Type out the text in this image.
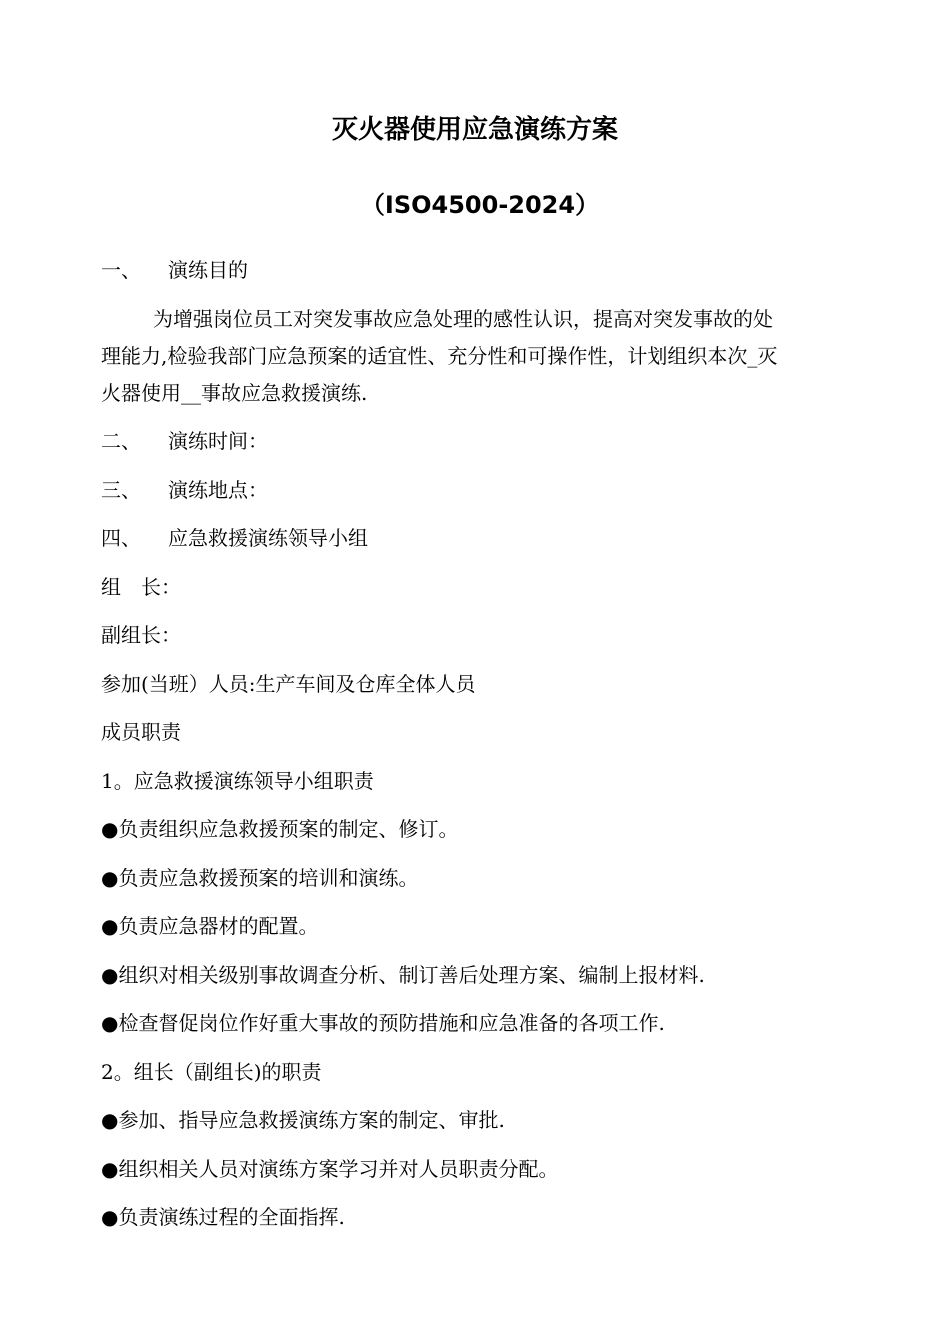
灭火器使用应急演练方案
（ISO4500-2024）
一、 演练目的
为增强岗位员工对突发事故应急处理的感性认识，提高对突发事故的处
理能力,检验我部门应急预案的适宜性、充分性和可操作性，计划组织本次_灭
火器使用__事故应急救援演练.
二、 演练时间：
三、 演练地点：
四、 应急救援演练领导小组
组　长：
副组长：
参加(当班）人员:生产车间及仓库全体人员
成员职责
1。应急救援演练领导小组职责
●负责组织应急救援预案的制定、修订。
●负责应急救援预案的培训和演练。
●负责应急器材的配置。
●组织对相关级别事故调查分析、制订善后处理方案、编制上报材料.
●检查督促岗位作好重大事故的预防措施和应急准备的各项工作.
2。组长（副组长)的职责
●参加、指导应急救援演练方案的制定、审批.
●组织相关人员对演练方案学习并对人员职责分配。
●负责演练过程的全面指挥.
